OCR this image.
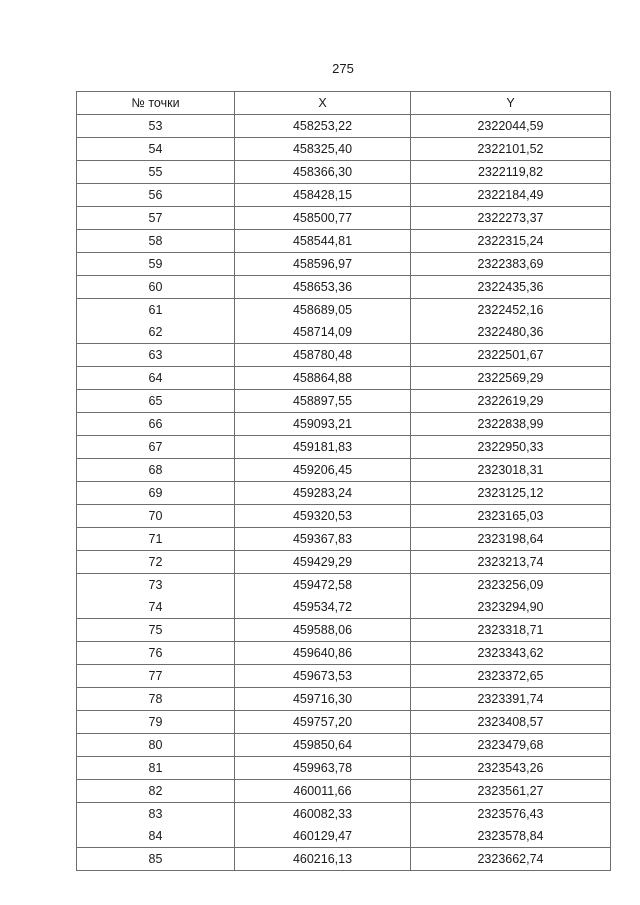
275
№ точки	X	Y
53	458253,22	2322044,59
54	458325,40	2322101,52
55	458366,30	2322119,82
56	458428,15	2322184,49
57	458500,77	2322273,37
58	458544,81	2322315,24
59	458596,97	2322383,69
60	458653,36	2322435,36
61	458689,05	2322452,16
62	458714,09	2322480,36
63	458780,48	2322501,67
64	458864,88	2322569,29
65	458897,55	2322619,29
66	459093,21	2322838,99
67	459181,83	2322950,33
68	459206,45	2323018,31
69	459283,24	2323125,12
70	459320,53	2323165,03
71	459367,83	2323198,64
72	459429,29	2323213,74
73	459472,58	2323256,09
74	459534,72	2323294,90
75	459588,06	2323318,71
76	459640,86	2323343,62
77	459673,53	2323372,65
78	459716,30	2323391,74
79	459757,20	2323408,57
80	459850,64	2323479,68
81	459963,78	2323543,26
82	460011,66	2323561,27
83	460082,33	2323576,43
84	460129,47	2323578,84
85	460216,13	2323662,74
